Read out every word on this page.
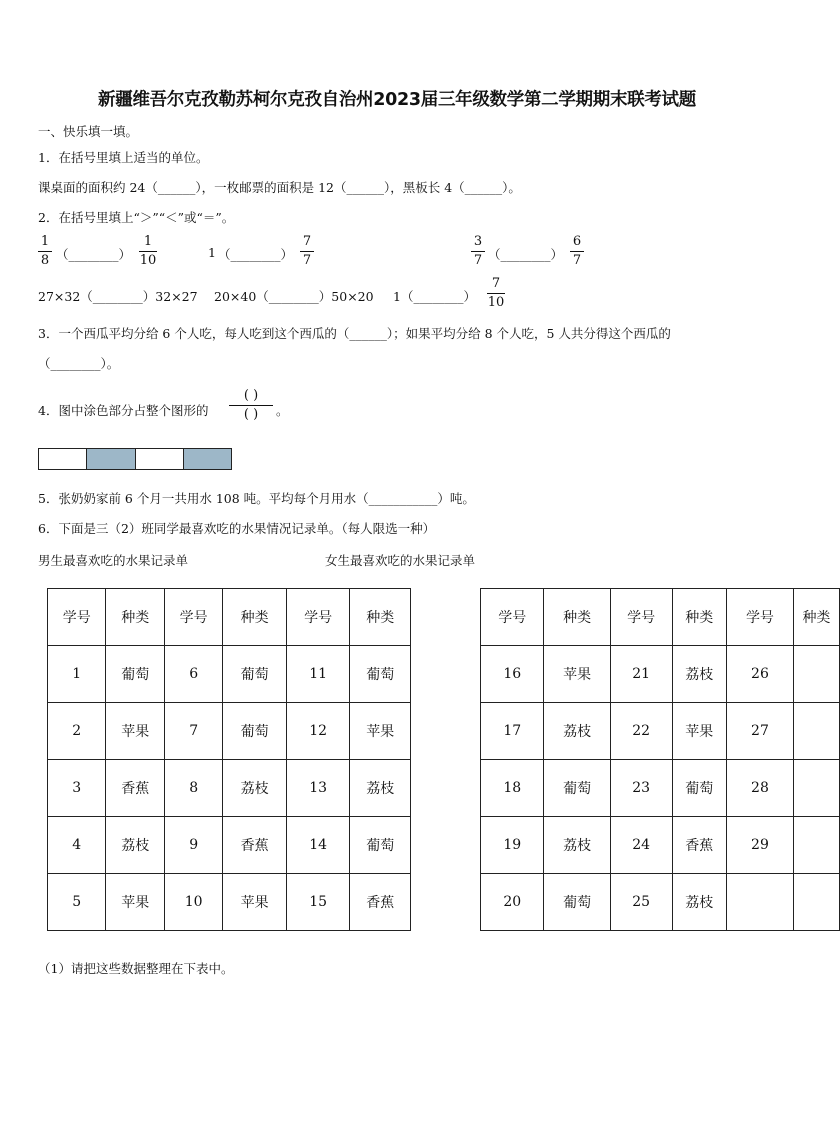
新疆维吾尔克孜勒苏柯尔克孜自治州2023届三年级数学第二学期期末联考试题
一、快乐填一填。
1．在括号里填上适当的单位。
课桌面的面积约 24（______），一枚邮票的面积是 12（______），黑板长 4（______）。
2．在括号里填上“＞”“＜”或“＝”。
1
8 （________）
1
10
1 （________）
7
7
3
7 （________）
6
7
27×32（________）32×27 20×40（________）50×20 1（________）
7
10
3．一个西瓜平均分给 6 个人吃，每人吃到这个西瓜的（______）；如果平均分给 8 个人吃，5 人共分得这个西瓜的
（________）。
4．图中涂色部分占整个图形的
( )
( )	。
5．张奶奶家前 6 个月一共用水 108 吨。平均每个月用水（___________）吨。
6．下面是三（2）班同学最喜欢吃的水果情况记录单。（每人限选一种）
男生最喜欢吃的水果记录单	女生最喜欢吃的水果记录单
学号	种类	学号	种类	学号	种类
1	葡萄	6	葡萄	11	葡萄
2	苹果	7	葡萄	12	苹果
3	香蕉	8	荔枝	13	荔枝
4	荔枝	9	香蕉	14	葡萄
5	苹果	10	苹果	15	香蕉
学号	种类	学号	种类	学号	种类
16	苹果	21	荔枝	26	
17	荔枝	22	苹果	27	
18	葡萄	23	葡萄	28	
19	荔枝	24	香蕉	29	
20	葡萄	25	荔枝		
（1）请把这些数据整理在下表中。
